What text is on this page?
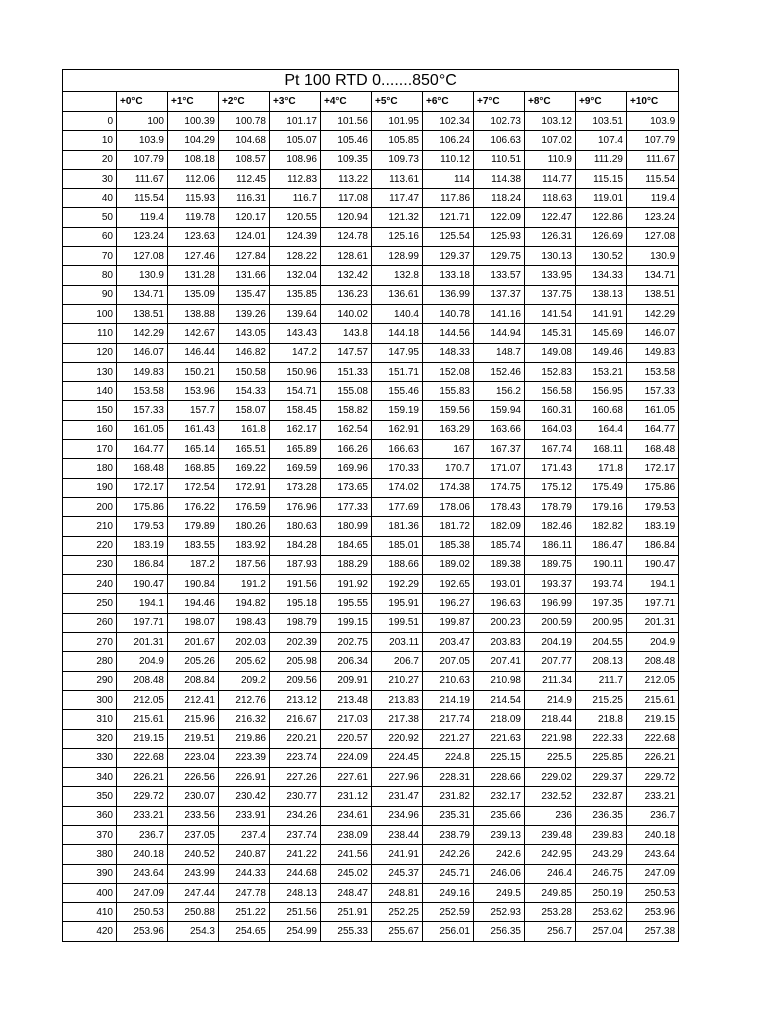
Pt 100 RTD 0.......850°C											
	+0°C	+1°C	+2°C	+3°C	+4°C	+5°C	+6°C	+7°C	+8°C	+9°C	+10°C
0	100	100.39	100.78	101.17	101.56	101.95	102.34	102.73	103.12	103.51	103.9
10	103.9	104.29	104.68	105.07	105.46	105.85	106.24	106.63	107.02	107.4	107.79
20	107.79	108.18	108.57	108.96	109.35	109.73	110.12	110.51	110.9	111.29	111.67
30	111.67	112.06	112.45	112.83	113.22	113.61	114	114.38	114.77	115.15	115.54
40	115.54	115.93	116.31	116.7	117.08	117.47	117.86	118.24	118.63	119.01	119.4
50	119.4	119.78	120.17	120.55	120.94	121.32	121.71	122.09	122.47	122.86	123.24
60	123.24	123.63	124.01	124.39	124.78	125.16	125.54	125.93	126.31	126.69	127.08
70	127.08	127.46	127.84	128.22	128.61	128.99	129.37	129.75	130.13	130.52	130.9
80	130.9	131.28	131.66	132.04	132.42	132.8	133.18	133.57	133.95	134.33	134.71
90	134.71	135.09	135.47	135.85	136.23	136.61	136.99	137.37	137.75	138.13	138.51
100	138.51	138.88	139.26	139.64	140.02	140.4	140.78	141.16	141.54	141.91	142.29
110	142.29	142.67	143.05	143.43	143.8	144.18	144.56	144.94	145.31	145.69	146.07
120	146.07	146.44	146.82	147.2	147.57	147.95	148.33	148.7	149.08	149.46	149.83
130	149.83	150.21	150.58	150.96	151.33	151.71	152.08	152.46	152.83	153.21	153.58
140	153.58	153.96	154.33	154.71	155.08	155.46	155.83	156.2	156.58	156.95	157.33
150	157.33	157.7	158.07	158.45	158.82	159.19	159.56	159.94	160.31	160.68	161.05
160	161.05	161.43	161.8	162.17	162.54	162.91	163.29	163.66	164.03	164.4	164.77
170	164.77	165.14	165.51	165.89	166.26	166.63	167	167.37	167.74	168.11	168.48
180	168.48	168.85	169.22	169.59	169.96	170.33	170.7	171.07	171.43	171.8	172.17
190	172.17	172.54	172.91	173.28	173.65	174.02	174.38	174.75	175.12	175.49	175.86
200	175.86	176.22	176.59	176.96	177.33	177.69	178.06	178.43	178.79	179.16	179.53
210	179.53	179.89	180.26	180.63	180.99	181.36	181.72	182.09	182.46	182.82	183.19
220	183.19	183.55	183.92	184.28	184.65	185.01	185.38	185.74	186.11	186.47	186.84
230	186.84	187.2	187.56	187.93	188.29	188.66	189.02	189.38	189.75	190.11	190.47
240	190.47	190.84	191.2	191.56	191.92	192.29	192.65	193.01	193.37	193.74	194.1
250	194.1	194.46	194.82	195.18	195.55	195.91	196.27	196.63	196.99	197.35	197.71
260	197.71	198.07	198.43	198.79	199.15	199.51	199.87	200.23	200.59	200.95	201.31
270	201.31	201.67	202.03	202.39	202.75	203.11	203.47	203.83	204.19	204.55	204.9
280	204.9	205.26	205.62	205.98	206.34	206.7	207.05	207.41	207.77	208.13	208.48
290	208.48	208.84	209.2	209.56	209.91	210.27	210.63	210.98	211.34	211.7	212.05
300	212.05	212.41	212.76	213.12	213.48	213.83	214.19	214.54	214.9	215.25	215.61
310	215.61	215.96	216.32	216.67	217.03	217.38	217.74	218.09	218.44	218.8	219.15
320	219.15	219.51	219.86	220.21	220.57	220.92	221.27	221.63	221.98	222.33	222.68
330	222.68	223.04	223.39	223.74	224.09	224.45	224.8	225.15	225.5	225.85	226.21
340	226.21	226.56	226.91	227.26	227.61	227.96	228.31	228.66	229.02	229.37	229.72
350	229.72	230.07	230.42	230.77	231.12	231.47	231.82	232.17	232.52	232.87	233.21
360	233.21	233.56	233.91	234.26	234.61	234.96	235.31	235.66	236	236.35	236.7
370	236.7	237.05	237.4	237.74	238.09	238.44	238.79	239.13	239.48	239.83	240.18
380	240.18	240.52	240.87	241.22	241.56	241.91	242.26	242.6	242.95	243.29	243.64
390	243.64	243.99	244.33	244.68	245.02	245.37	245.71	246.06	246.4	246.75	247.09
400	247.09	247.44	247.78	248.13	248.47	248.81	249.16	249.5	249.85	250.19	250.53
410	250.53	250.88	251.22	251.56	251.91	252.25	252.59	252.93	253.28	253.62	253.96
420	253.96	254.3	254.65	254.99	255.33	255.67	256.01	256.35	256.7	257.04	257.38
